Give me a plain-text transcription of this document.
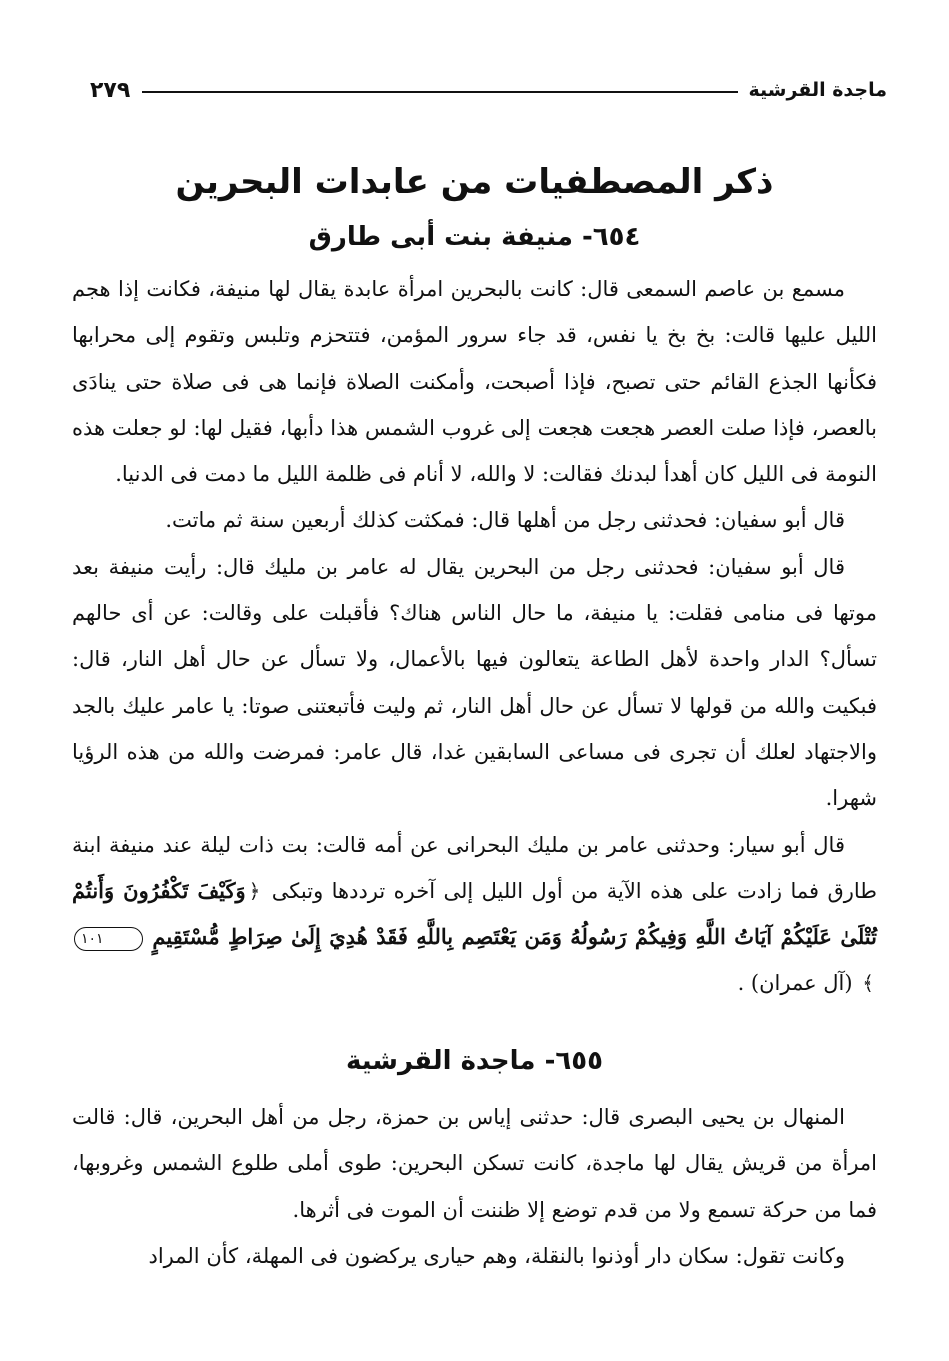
ماجدة القرشية
٢٧٩
ذكر المصطفيات من عابدات البحرين
٦٥٤- منيفة بنت أبى طارق

مسمع بن عاصم السمعى قال: كانت بالبحرين امرأة عابدة يقال لها منيفة، فكانت إذا هجم الليل عليها قالت: بخ بخ يا نفس، قد جاء سرور المؤمن، فتتحزم وتلبس وتقوم إلى محرابها فكأنها الجذع القائم حتى تصبح، فإذا أصبحت، وأمكنت الصلاة فإنما هى فى صلاة حتى ينادَى بالعصر، فإذا صلت العصر هجعت هجعت إلى غروب الشمس هذا دأبها، فقيل لها: لو جعلت هذه النومة فى الليل كان أهدأ لبدنك فقالت: لا والله، لا أنام فى ظلمة الليل ما دمت فى الدنيا.

قال أبو سفيان: فحدثنى رجل من أهلها قال: فمكثت كذلك أربعين سنة ثم ماتت.

قال أبو سفيان: فحدثنى رجل من البحرين يقال له عامر بن مليك قال: رأيت منيفة بعد موتها فى منامى فقلت: يا منيفة، ما حال الناس هناك؟ فأقبلت على وقالت: عن أى حالهم تسأل؟ الدار واحدة لأهل الطاعة يتعالون فيها بالأعمال، ولا تسأل عن حال أهل النار، قال: فبكيت والله من قولها لا تسأل عن حال أهل النار، ثم وليت فأتبعتنى صوتا: يا عامر عليك بالجد والاجتهاد لعلك أن تجرى فى مساعى السابقين غدا، قال عامر: فمرضت والله من هذه الرؤيا شهرا.

قال أبو سيار: وحدثنى عامر بن مليك البحرانى عن أمه قالت: بت ذات ليلة عند منيفة ابنة طارق فما زادت على هذه الآية من أول الليل إلى آخره ترددها وتبكى ﴿وَكَيْفَ تَكْفُرُونَ وَأَنتُمْ تُتْلَىٰ عَلَيْكُمْ آيَاتُ اللَّهِ وَفِيكُمْ رَسُولُهُ وَمَن يَعْتَصِم بِاللَّهِ فَقَدْ هُدِيَ إِلَىٰ صِرَاطٍ مُّسْتَقِيمٍ ١٠١﴾ (آل عمران) .

٦٥٥- ماجدة القرشية

المنهال بن يحيى البصرى قال: حدثنى إياس بن حمزة، رجل من أهل البحرين، قال: قالت امرأة من قريش يقال لها ماجدة، كانت تسكن البحرين: طوى أملى طلوع الشمس وغروبها، فما من حركة تسمع ولا من قدم توضع إلا ظننت أن الموت فى أثرها.

وكانت تقول: سكان دار أوذنوا بالنقلة، وهم حيارى يركضون فى المهلة، كأن المراد
